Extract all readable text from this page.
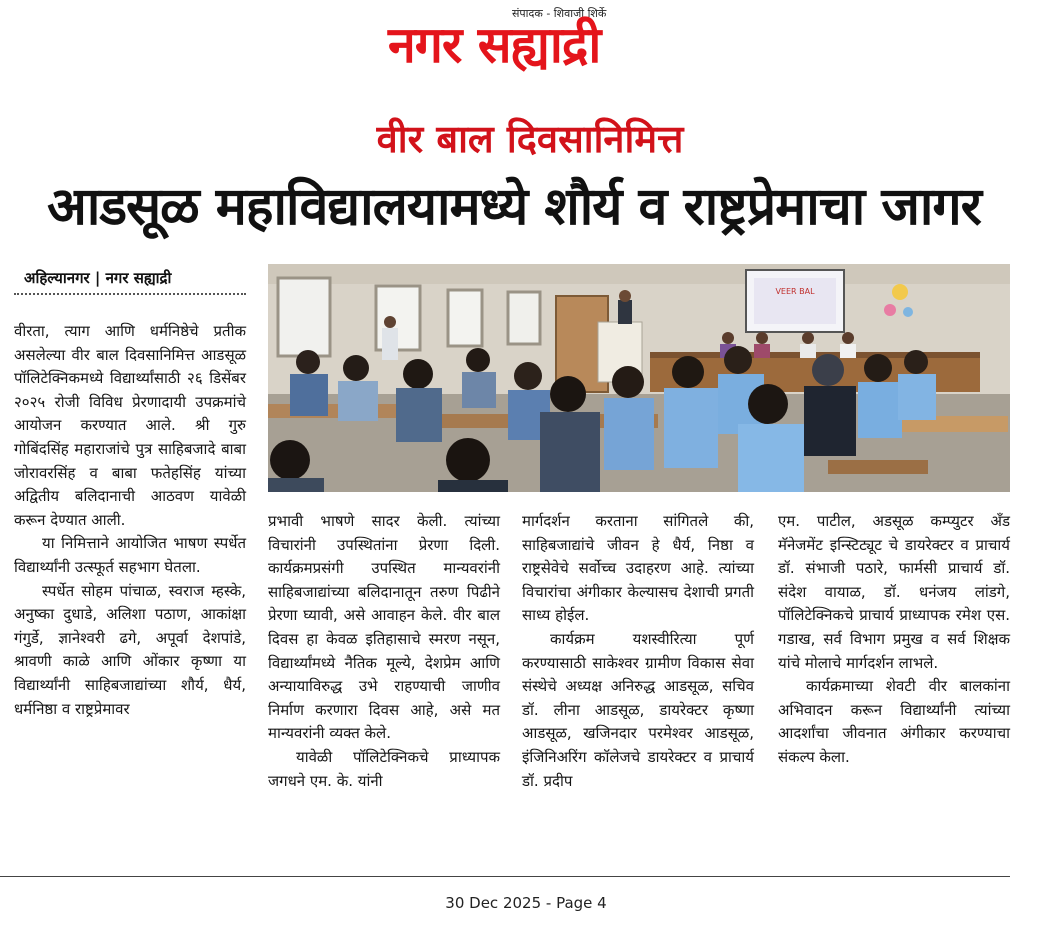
संपादक - शिवाजी शिर्के
नगर सह्याद्री
वीर बाल दिवसानिमित्त
आडसूळ महाविद्यालयामध्ये शौर्य व राष्ट्रप्रेमाचा जागर
अहिल्यानगर | नगर सह्याद्री
VEER BAL

वीरता, त्याग आणि धर्मनिष्ठेचे प्रतीक असलेल्या वीर बाल दिवसानिमित्त आडसूळ पॉलिटेक्निकमध्ये विद्यार्थ्यांसाठी २६ डिसेंबर २०२५ रोजी विविध प्रेरणादायी उपक्रमांचे आयोजन करण्यात आले. श्री गुरु गोबिंदसिंह महाराजांचे पुत्र साहिबजादे बाबा जोरावरसिंह व बाबा फतेहसिंह यांच्या अद्वितीय बलिदानाची आठवण यावेळी करून देण्यात आली.

या निमित्ताने आयोजित भाषण स्पर्धेत विद्यार्थ्यांनी उत्स्फूर्त सहभाग घेतला.

स्पर्धेत सोहम पांचाळ, स्वराज म्हस्के, अनुष्का दुधाडे, अलिशा पठाण, आकांक्षा गंगुर्डे, ज्ञानेश्वरी ढगे, अपूर्वा देशपांडे, श्रावणी काळे आणि ओंकार कृष्णा या विद्यार्थ्यांनी साहिबजाद्यांच्या शौर्य, धैर्य, धर्मनिष्ठा व राष्ट्रप्रेमावर

प्रभावी भाषणे सादर केली. त्यांच्या विचारांनी उपस्थितांना प्रेरणा दिली. कार्यक्रमप्रसंगी उपस्थित मान्यवरांनी साहिबजाद्यांच्या बलिदानातून तरुण पिढीने प्रेरणा घ्यावी, असे आवाहन केले. वीर बाल दिवस हा केवळ इतिहासाचे स्मरण नसून, विद्यार्थ्यांमध्ये नैतिक मूल्ये, देशप्रेम आणि अन्यायाविरुद्ध उभे राहण्याची जाणीव निर्माण करणारा दिवस आहे, असे मत मान्यवरांनी व्यक्त केले.

यावेळी पॉलिटेक्निकचे प्राध्यापक जगधने एम. के. यांनी

मार्गदर्शन करताना सांगितले की, साहिबजाद्यांचे जीवन हे धैर्य, निष्ठा व राष्ट्रसेवेचे सर्वोच्च उदाहरण आहे. त्यांच्या विचारांचा अंगीकार केल्यासच देशाची प्रगती साध्य होईल.

कार्यक्रम यशस्वीरित्या पूर्ण करण्यासाठी साकेश्वर ग्रामीण विकास सेवा संस्थेचे अध्यक्ष अनिरुद्ध आडसूळ, सचिव डॉ. लीना आडसूळ, डायरेक्टर कृष्णा आडसूळ, खजिनदार परमेश्वर आडसूळ, इंजिनिअरिंग कॉलेजचे डायरेक्टर व प्राचार्य डॉ. प्रदीप

एम. पाटील, अडसूळ कम्प्युटर अँड मॅनेजमेंट इन्स्टिट्यूट चे डायरेक्टर व प्राचार्य डॉ. संभाजी पठारे, फार्मसी प्राचार्य डॉ. संदेश वायाळ, डॉ. धनंजय लांडगे, पॉलिटेक्निकचे प्राचार्य प्राध्यापक रमेश एस. गडाख, सर्व विभाग प्रमुख व सर्व शिक्षक यांचे मोलाचे मार्गदर्शन लाभले.

कार्यक्रमाच्या शेवटी वीर बालकांना अभिवादन करून विद्यार्थ्यांनी त्यांच्या आदर्शांचा जीवनात अंगीकार करण्याचा संकल्प केला.

30 Dec 2025 - Page 4
